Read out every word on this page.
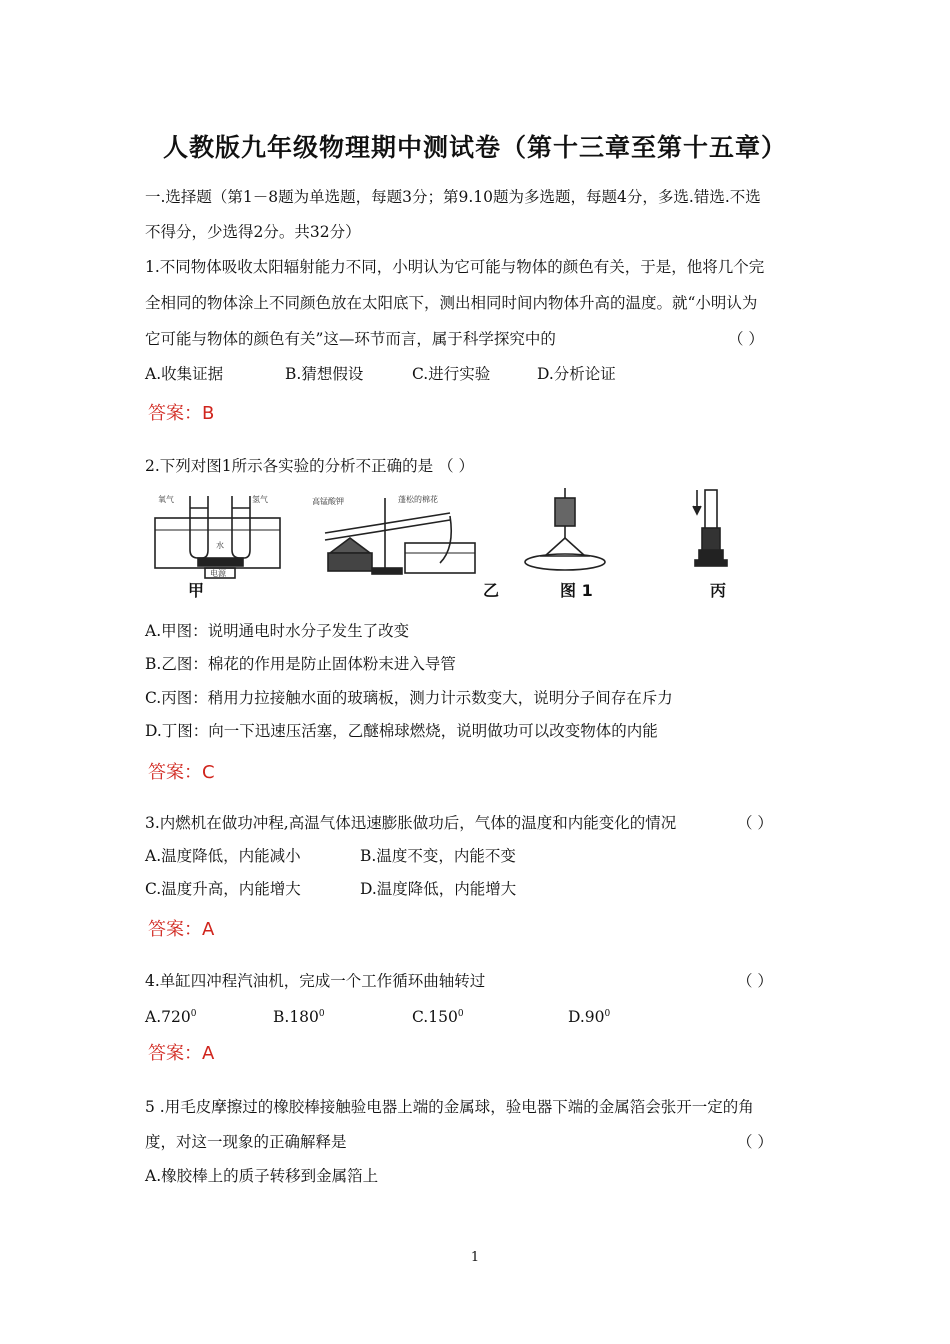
人教版九年级物理期中测试卷（第十三章至第十五章）
一.选择题（第1－8题为单选题，每题3分；第9.10题为多选题，每题4分，多选.错选.不选
不得分，少选得2分。共32分）
1.不同物体吸收太阳辐射能力不同，小明认为它可能与物体的颜色有关，于是，他将几个完
全相同的物体涂上不同颜色放在太阳底下，测出相同时间内物体升高的温度。就“小明认为
它可能与物体的颜色有关”这—环节而言，属于科学探究中的	（ ）
A.收集证据	B.猜想假设	C.进行实验	D.分析论证
答案：B
2.下列对图1所示各实验的分析不正确的是 （ ）
氧气	氢气
水
电源
高锰酸钾	蓬松的棉花
甲	乙	图 1	丙
A.甲图：说明通电时水分子发生了改变
B.乙图：棉花的作用是防止固体粉末进入导管
C.丙图：稍用力拉接触水面的玻璃板，测力计示数变大，说明分子间存在斥力
D.丁图：向一下迅速压活塞，乙醚棉球燃烧，说明做功可以改变物体的内能
答案：C
3.内燃机在做功冲程,高温气体迅速膨胀做功后，气体的温度和内能变化的情况	（ ）
A.温度降低，内能减小	B.温度不变，内能不变
C.温度升高，内能增大	D.温度降低，内能增大
答案：A
4.单缸四冲程汽油机，完成一个工作循环曲轴转过	（ ）
A.720$^0$	B.180$^0$	C.150$^0$	$D.90^0$
答案：A
5 .用毛皮摩擦过的橡胶棒接触验电器上端的金属球，验电器下端的金属箔会张开一定的角
度，对这一现象的正确解释是	（ ）
A.橡胶棒上的质子转移到金属箔上
1
